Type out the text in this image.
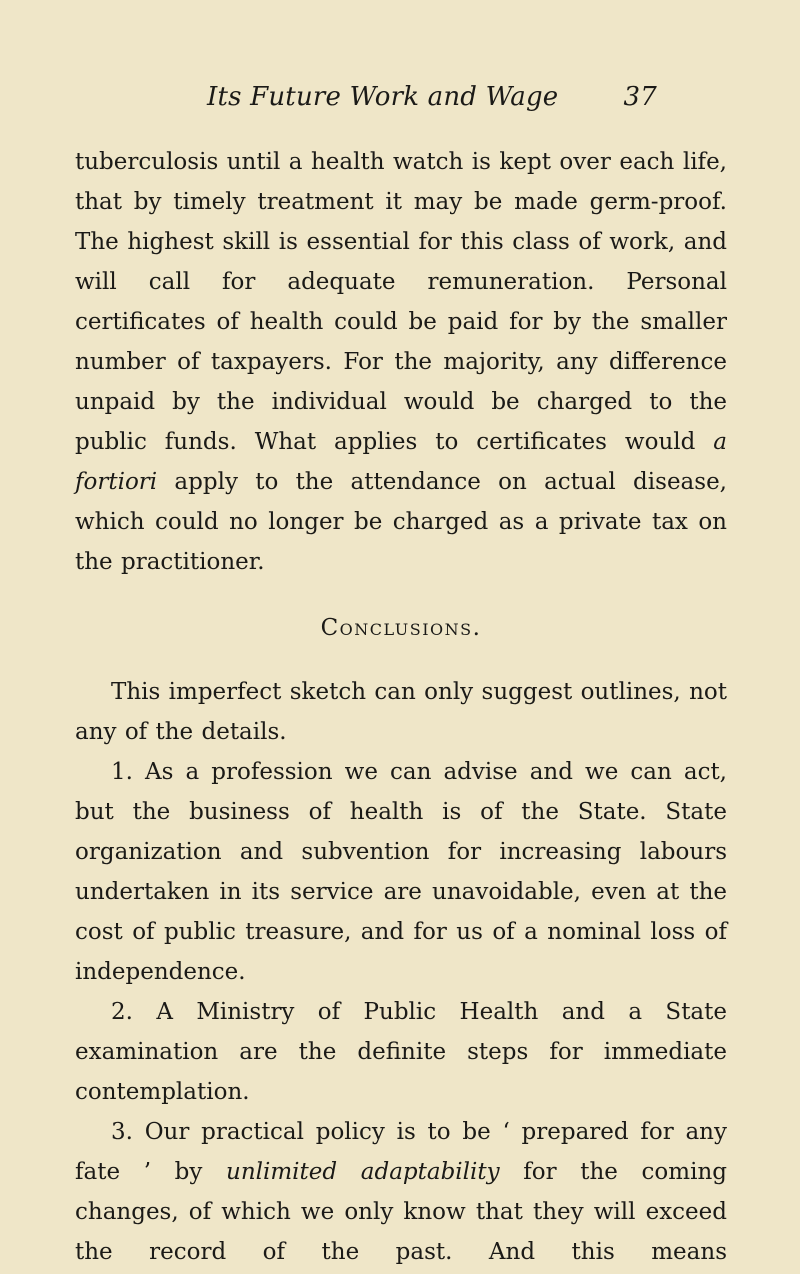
Its Future Work and Wage	37

tuberculosis until a health watch is kept over each life, that by timely treatment it may be made germ-proof. The highest skill is essential for this class of work, and will call for adequate remuneration. Personal certificates of health could be paid for by the smaller number of taxpayers. For the majority, any difference unpaid by the individual would be charged to the public funds. What applies to certificates would a fortiori apply to the attendance on actual disease, which could no longer be charged as a private tax on the practitioner.

Conclusions.

This imperfect sketch can only suggest outlines, not any of the details.

1. As a profession we can advise and we can act, but the business of health is of the State. State organization and subvention for increasing labours undertaken in its service are unavoidable, even at the cost of public treasure, and for us of a nominal loss of independence.

2. A Ministry of Public Health and a State examination are the definite steps for immediate contemplation.

3. Our practical policy is to be ‘ prepared for any fate ’ by unlimited adaptability for the coming changes, of which we only know that they will exceed the record of the past. And this means
